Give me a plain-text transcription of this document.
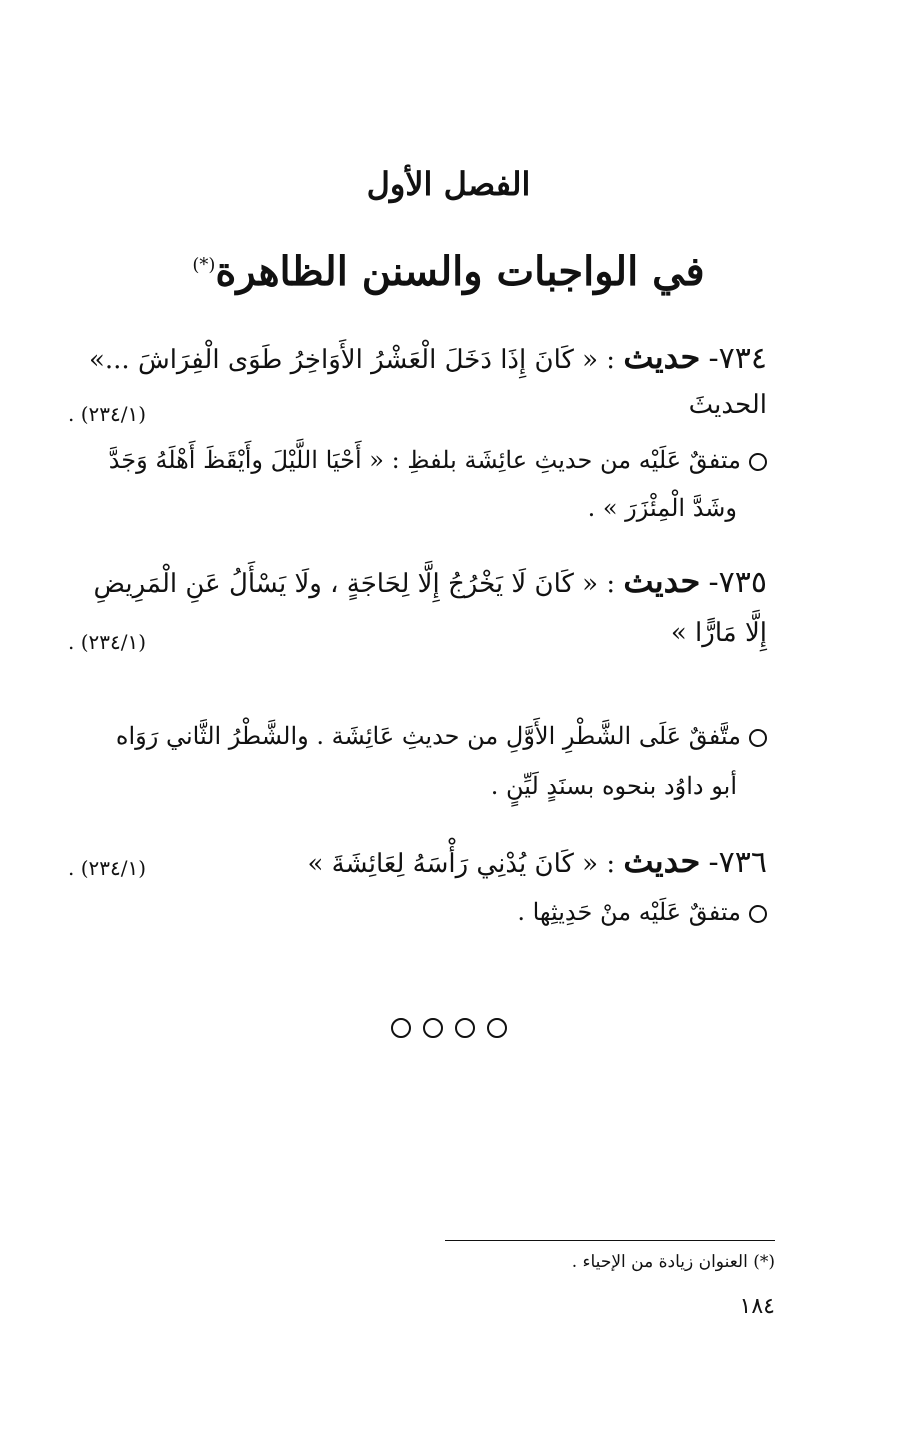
الفصل الأول
في الواجبات والسنن الظاهرة(*)
٧٣٤- حديث : « كَانَ إِذَا دَخَلَ الْعَشْرُ الأَوَاخِرُ طَوَى الْفِرَاشَ ...»
الحديثَ
(٢٣٤/١) .
متفقٌ عَلَيْه من حديثِ عائِشَة بلفظِ : « أَحْيَا اللَّيْلَ وأَيْقَظَ أَهْلَهُ وَجَدَّ
وشَدَّ الْمِئْزَرَ » .
٧٣٥- حديث : « كَانَ لَا يَخْرُجُ إِلَّا لِحَاجَةٍ ، ولَا يَسْأَلُ عَنِ الْمَرِيضِ
إِلَّا مَارًّا »
(٢٣٤/١) .
متَّفقٌ عَلَى الشَّطْرِ الأَوَّلِ من حديثِ عَائِشَة . والشَّطْرُ الثَّاني رَوَاه
أبو داوُد بنحوه بسنَدٍ لَيِّنٍ .
٧٣٦- حديث : « كَانَ يُدْنِي رَأْسَهُ لِعَائِشَةَ »
(٢٣٤/١) .
متفقٌ عَلَيْه منْ حَدِيثِها .
(*) العنوان زيادة من الإحياء .
١٨٤
